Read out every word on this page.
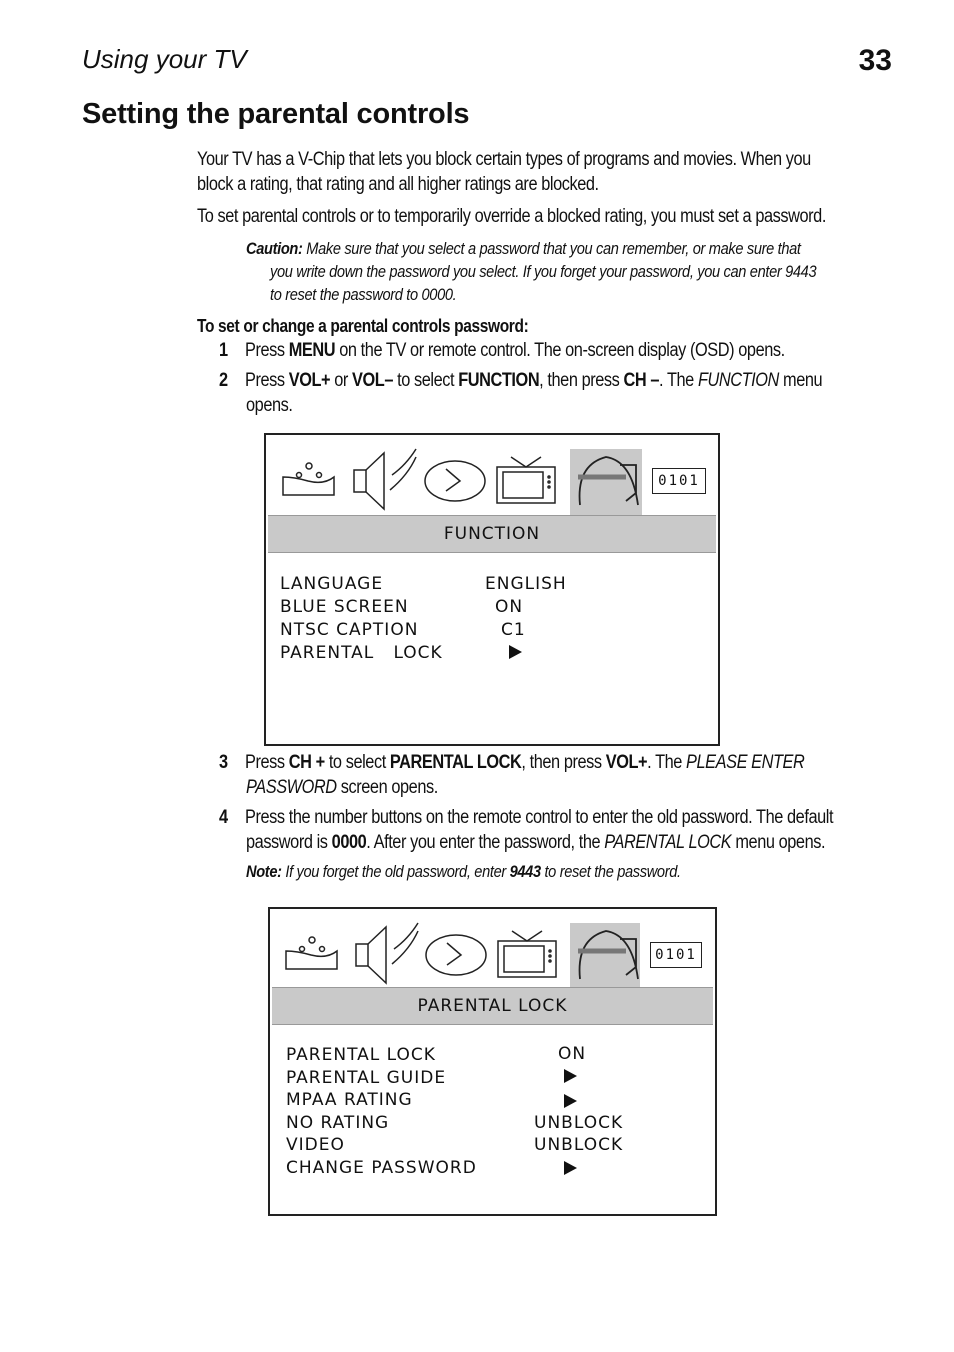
Using your TV	33
Setting the parental controls
Your TV has a V-Chip that lets you block certain types of programs and movies. When you
block a rating, that rating and all higher ratings are blocked.
To set parental controls or to temporarily override a blocked rating, you must set a password.
Caution: Make sure that you select a password that you can remember, or make sure that
you write down the password you select. If you forget your password, you can enter 9443
to reset the password to 0000.
To set or change a parental controls password:
1 Press MENU on the TV or remote control. The on-screen display (OSD) opens.
2 Press VOL+ or VOL– to select FUNCTION, then press CH –. The FUNCTION menu
opens.
0101
FUNCTION
LANGUAGE	ENGLISH
BLUE SCREEN	ON
NTSC CAPTION	C1
PARENTAL   LOCK
3 Press CH + to select PARENTAL LOCK, then press VOL+. The PLEASE ENTER
PASSWORD screen opens.
4 Press the number buttons on the remote control to enter the old password. The default
password is 0000. After you enter the password, the PARENTAL LOCK menu opens.
Note: If you forget the old password, enter 9443 to reset the password.
0101
PARENTAL LOCK
PARENTAL LOCK	ON
PARENTAL GUIDE
MPAA RATING
NO RATING	UNBLOCK
VIDEO	UNBLOCK
CHANGE PASSWORD
